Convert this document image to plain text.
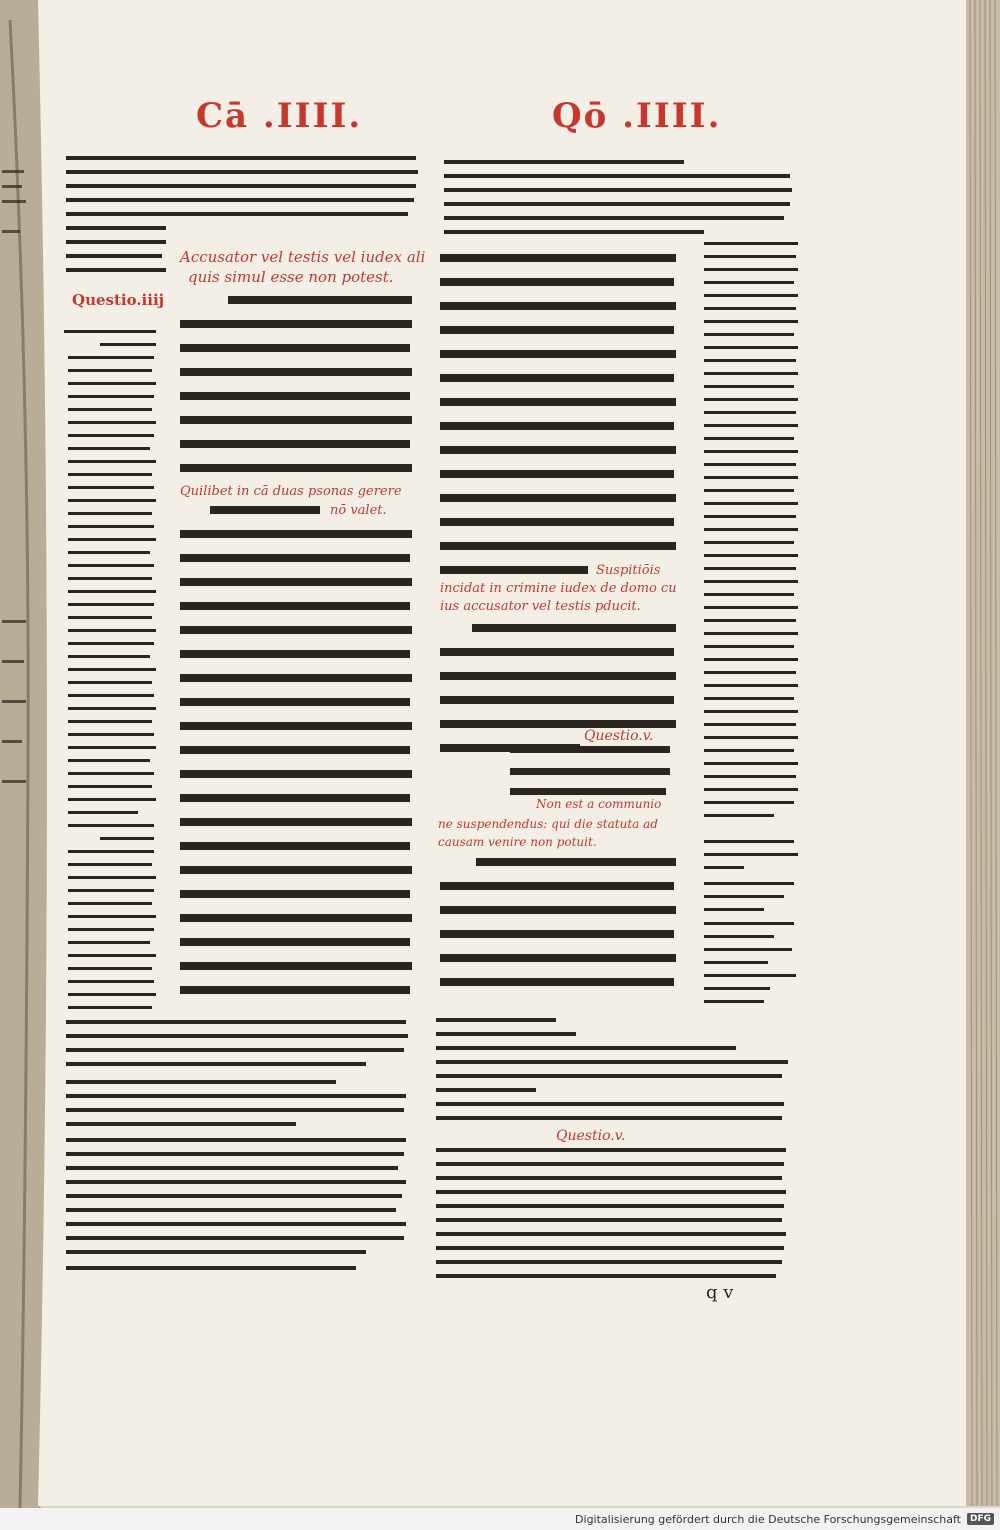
Questio.iiij
Accusator vel testis vel iudex ali
quis simul esse non potest.
Quilibet in cā duas psonas gerere
nō valet.
Suspitiōis
incidat in crimine iudex de domo cu
ius accusator vel testis pducit.
Questio.v.
Non est a communio
ne suspendendus: qui die statuta ad
causam venire non potuit.
Questio.v.
Cā .IIII.	Qō .IIII.
q v
Digitalisierung gefördert durch die Deutsche Forschungsgemeinschaft	DFG
